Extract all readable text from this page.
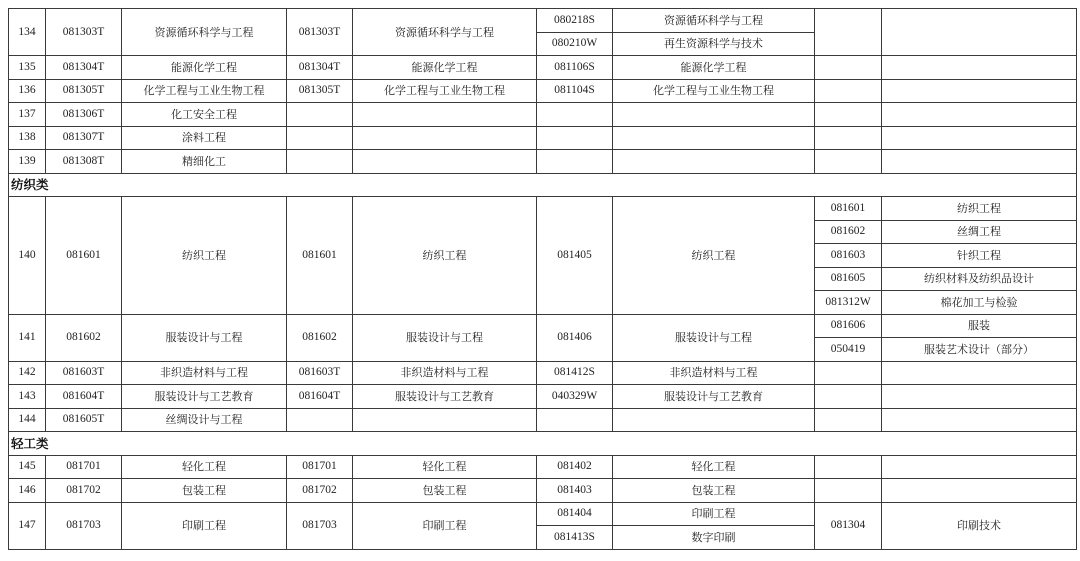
134	081303T	资源循环科学与工程	081303T	资源循环科学与工程	080218S	资源循环科学与工程		
					080210W	再生资源科学与技术		
135	081304T	能源化学工程	081304T	能源化学工程	081106S	能源化学工程		
136	081305T	化学工程与工业生物工程	081305T	化学工程与工业生物工程	081104S	化学工程与工业生物工程		
137	081306T	化工安全工程						
138	081307T	涂料工程						
139	081308T	精细化工						
纺织类								
140	081601	纺织工程	081601	纺织工程	081405	纺织工程	081601	纺织工程
							081602	丝绸工程
							081603	针织工程
							081605	纺织材料及纺织品设计
							081312W	棉花加工与检验
141	081602	服装设计与工程	081602	服装设计与工程	081406	服装设计与工程	081606	服装
							050419	服装艺术设计（部分）
142	081603T	非织造材料与工程	081603T	非织造材料与工程	081412S	非织造材料与工程		
143	081604T	服装设计与工艺教育	081604T	服装设计与工艺教育	040329W	服装设计与工艺教育		
144	081605T	丝绸设计与工程						
轻工类								
145	081701	轻化工程	081701	轻化工程	081402	轻化工程		
146	081702	包装工程	081702	包装工程	081403	包装工程		
147	081703	印刷工程	081703	印刷工程	081404	印刷工程	081304	印刷技术
					081413S	数字印刷		
